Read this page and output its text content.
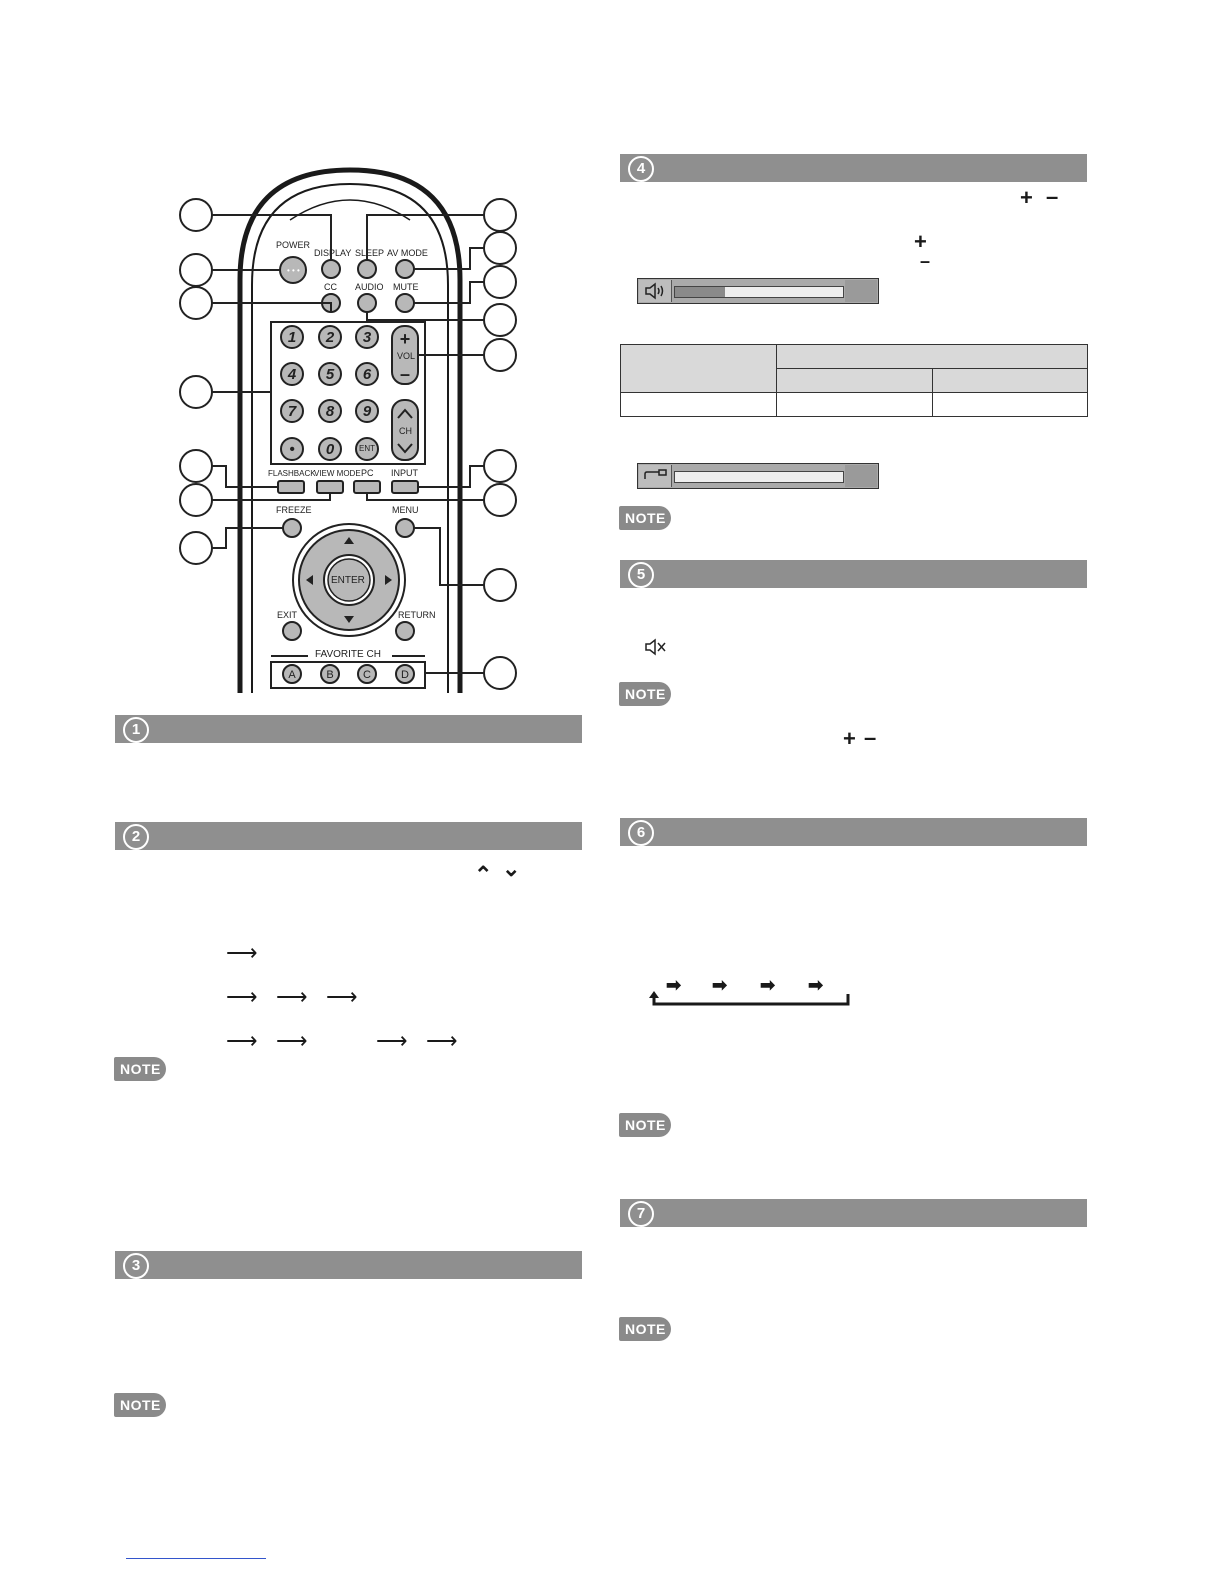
• • •
1 2 3
4 5 6
7 8 9
• 0
+
–
A	B	C	D
POWER
DISPLAY SLEEP AV MODE
CC AUDIO MUTE
VOL
CH
ENT
FLASHBACK
VIEW MODE PC INPUT
FREEZE	MENU
ENTER
EXIT	RETURN
FAVORITE CH
1
2
⌃ ⌄
⟶
⟶ ⟶ ⟶
⟶ ⟶	⟶ ⟶
NOTE
3
NOTE
4
+ –
+
–

NOTE
5
NOTE
+ –
6
➡ ➡ ➡ ➡
NOTE
7
NOTE
